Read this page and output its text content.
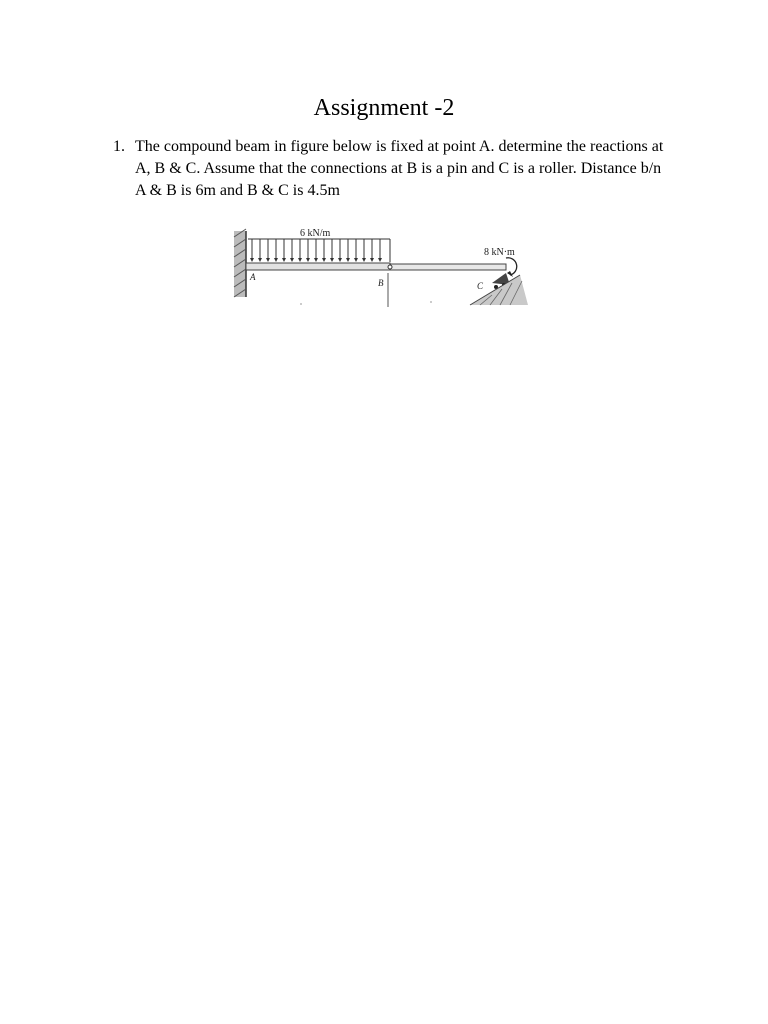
Assignment -2
1. The compound beam in figure below is fixed at point A. determine the reactions at A, B & C. Assume that the connections at B is a pin and C is a roller. Distance b/n A & B is 6m and B & C is 4.5m
6 kN/m
8 kN·m
A
B	C
